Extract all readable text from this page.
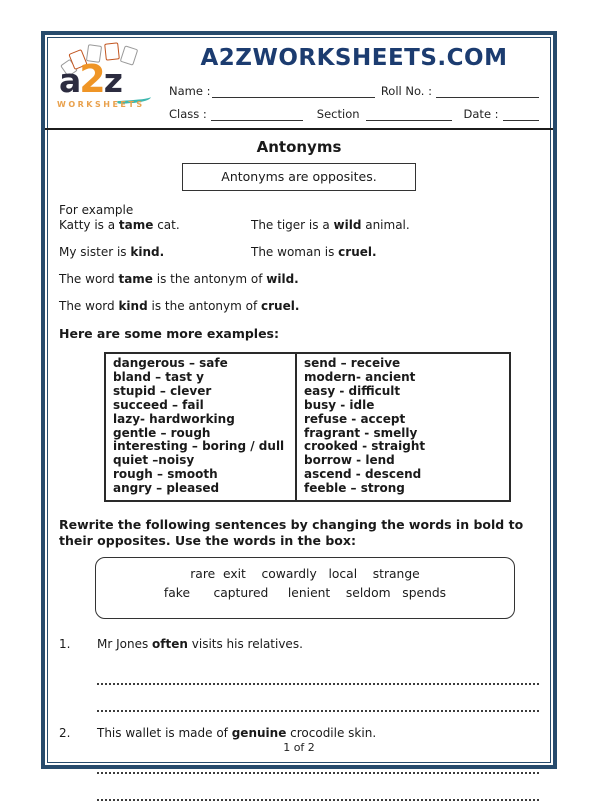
a2z
WORKSHEETS
A2ZWORKSHEETS.COM
Name :	Roll No. :
Class :	Section	Date :
Antonyms
Antonyms are opposites.
For example
Katty is a tame cat.	The tiger is a wild animal.
My sister is kind.	The woman is cruel.
The word tame is the antonym of wild.
The word kind is the antonym of cruel.
Here are some more examples:
dangerous – safe
bland – tast y
stupid – clever
succeed – fail
lazy- hardworking
gentle – rough
interesting – boring / dull
quiet –noisy
rough – smooth
angry – pleased
send – receive
modern- ancient
easy - difficult
busy - idle
refuse - accept
fragrant - smelly
crooked - straight
borrow - lend
ascend - descend
feeble – strong
Rewrite the following sentences by changing the words in bold to their opposites. Use the words in the box:
rare  exit    cowardly   local    strange
fake      captured     lenient    seldom   spends
1.	Mr Jones often visits his relatives.
2.	This wallet is made of genuine crocodile skin.
1 of 2
